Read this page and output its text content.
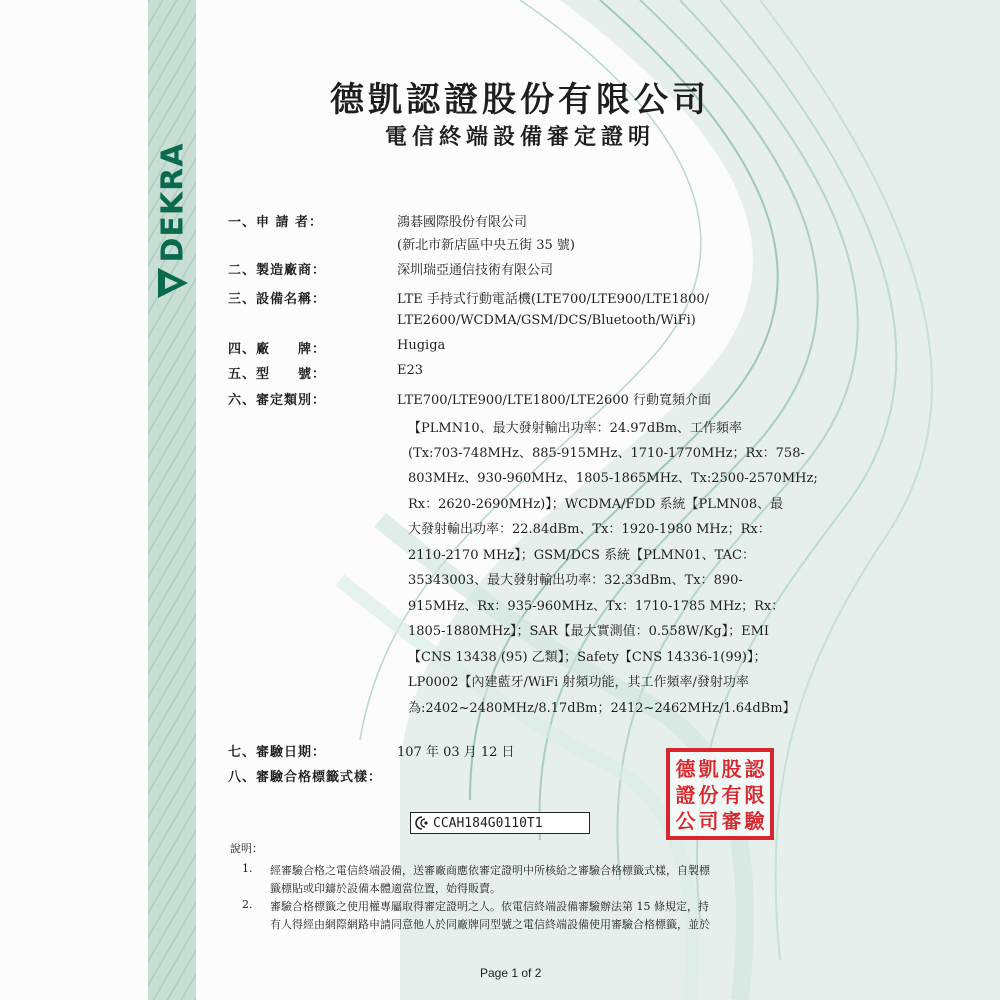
DEKRA
德凱認證股份有限公司
電信終端設備審定證明
一、申 請 者：
二、製造廠商：
三、設備名稱：
四、廠　　牌：
五、型　　號：
六、審定類別：
七、審驗日期：
八、審驗合格標籤式樣：
鴻碁國際股份有限公司
(新北市新店區中央五街 35 號)
深圳瑞亞通信技術有限公司
LTE 手持式行動電話機(LTE700/LTE900/LTE1800/
LTE2600/WCDMA/GSM/DCS/Bluetooth/WiFi)
Hugiga
E23
LTE700/LTE900/LTE1800/LTE2600 行動寬頻介面
107 年 03 月 12 日
【PLMN10、最大發射輸出功率：24.97dBm、工作頻率
(Tx:703-748MHz、885-915MHz、1710-1770MHz；Rx：758-
803MHz、930-960MHz、1805-1865MHz、Tx:2500-2570MHz;
Rx：2620-2690MHz)】；WCDMA/FDD 系統【PLMN08、最
大發射輸出功率：22.84dBm、Tx：1920-1980 MHz；Rx：
2110-2170 MHz】；GSM/DCS 系統【PLMN01、TAC：
35343003、最大發射輸出功率：32.33dBm、Tx：890-
915MHz、Rx：935-960MHz、Tx：1710-1785 MHz；Rx：
1805-1880MHz】；SAR【最大實測值：0.558W/Kg】；EMI
【CNS 13438 (95) 乙類】；Safety【CNS 14336-1(99)】；
LP0002【內建藍牙/WiFi 射頻功能，其工作頻率/發射功率
為:2402~2480MHz/8.17dBm；2412~2462MHz/1.64dBm】
CCAH184G0110T1
德 凱 股 認
證 份 有 限
公 司 審 驗
說明：
1. 經審驗合格之電信終端設備，送審廠商應依審定證明中所核給之審驗合格標籤式樣，自製標
籤標貼或印鑄於設備本體適當位置，始得販賣。
2. 審驗合格標籤之使用權專屬取得審定證明之人。依電信終端設備審驗辦法第 15 條規定，持
有人得經由網際網路申請同意他人於同廠牌同型號之電信終端設備使用審驗合格標籤，並於
Page 1 of 2
